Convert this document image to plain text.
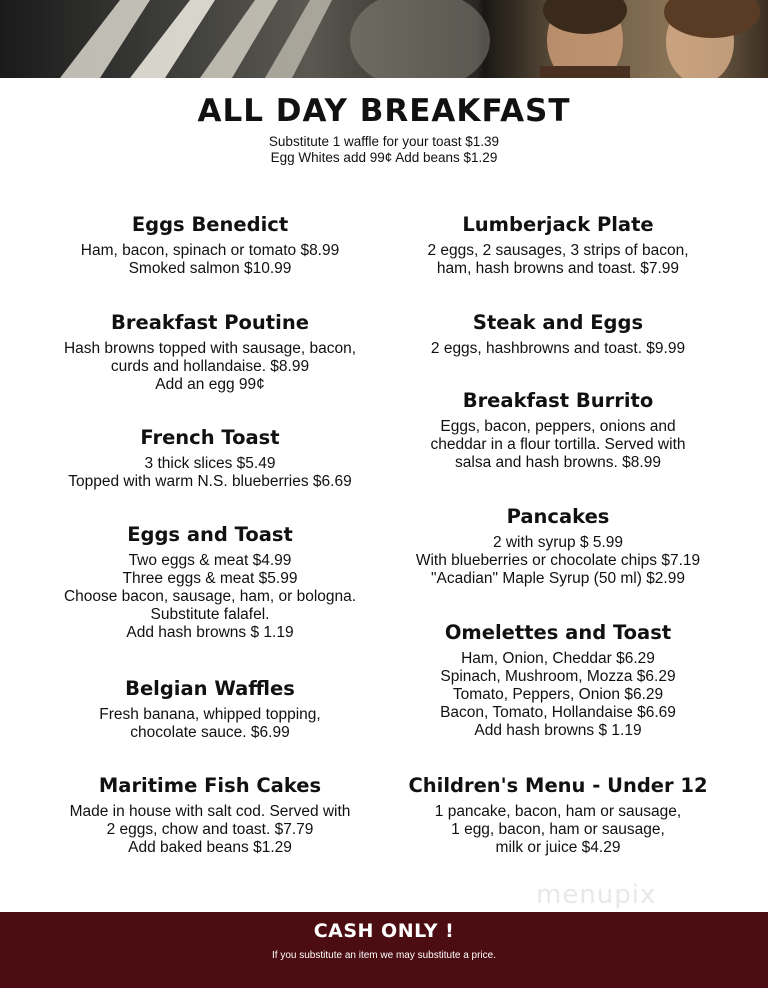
ALL DAY BREAKFAST

Substitute 1 waffle for your toast $1.39

Egg Whites add 99¢ Add beans $1.29

Eggs Benedict

Ham, bacon, spinach or tomato $8.99

Smoked salmon $10.99

Breakfast Poutine

Hash browns topped with sausage, bacon,

curds and hollandaise. $8.99

Add an egg 99¢

French Toast

3 thick slices $5.49

Topped with warm N.S. blueberries $6.69

Eggs and Toast

Two eggs & meat $4.99

Three eggs & meat $5.99

Choose bacon, sausage, ham, or bologna.

Substitute falafel.

Add hash browns $ 1.19

Belgian Waffles

Fresh banana, whipped topping,

chocolate sauce. $6.99

Maritime Fish Cakes

Made in house with salt cod. Served with

2 eggs, chow and toast. $7.79

Add baked beans $1.29

Lumberjack Plate

2 eggs, 2 sausages, 3 strips of bacon,

ham, hash browns and toast. $7.99

Steak and Eggs

2 eggs, hashbrowns and toast. $9.99

Breakfast Burrito

Eggs, bacon, peppers, onions and

cheddar in a flour tortilla. Served with

salsa and hash browns. $8.99

Pancakes

2 with syrup $ 5.99

With blueberries or chocolate chips $7.19

"Acadian" Maple Syrup (50 ml) $2.99

Omelettes and Toast

Ham, Onion, Cheddar $6.29

Spinach, Mushroom, Mozza $6.29

Tomato, Peppers, Onion $6.29

Bacon, Tomato, Hollandaise $6.69

Add hash browns $ 1.19

Children's Menu - Under 12

1 pancake, bacon, ham or sausage,

1 egg, bacon, ham or sausage,

milk or juice $4.29

menupix

CASH ONLY !

If you substitute an item we may substitute a price.
